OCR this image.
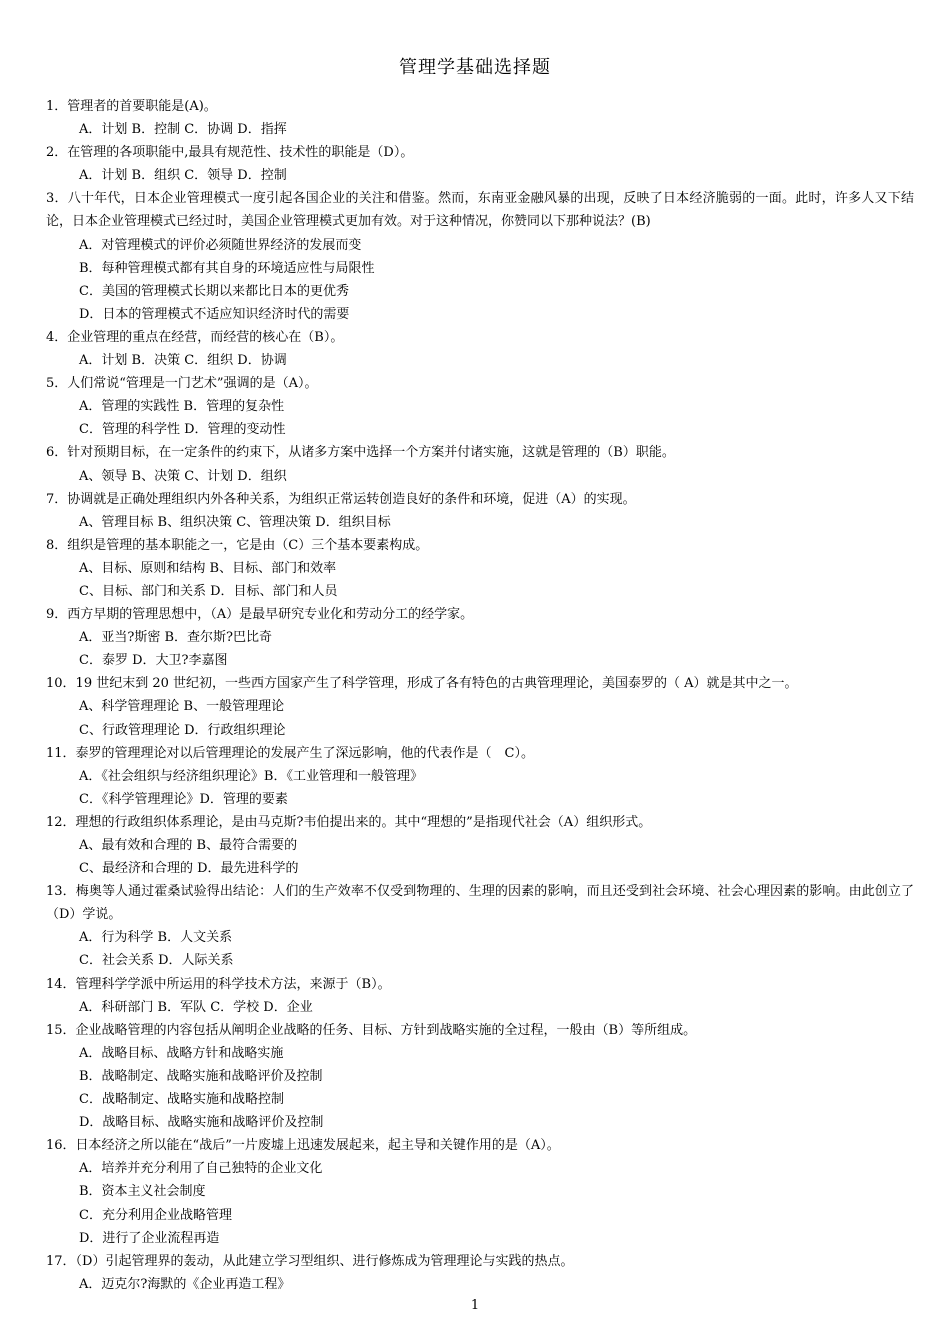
管理学基础选择题
1．管理者的首要职能是(A)。
A．计划 B．控制 C．协调 D．指挥
2．在管理的各项职能中,最具有规范性、技术性的职能是（D）。
A．计划 B．组织 C．领导 D．控制
3．八十年代，日本企业管理模式一度引起各国企业的关注和借鉴。然而，东南亚金融风暴的出现，反映了日本经济脆弱的一面。此时，许多人又下结论，日本企业管理模式已经过时，美国企业管理模式更加有效。对于这种情况，你赞同以下那种说法？(B)
A．对管理模式的评价必须随世界经济的发展而变
B．每种管理模式都有其自身的环境适应性与局限性
C．美国的管理模式长期以来都比日本的更优秀
D．日本的管理模式不适应知识经济时代的需要
4．企业管理的重点在经营，而经营的核心在（B）。
A．计划 B．决策 C．组织 D．协调
5．人们常说“管理是一门艺术”强调的是（A）。
A．管理的实践性 B．管理的复杂性
C．管理的科学性 D．管理的变动性
6．针对预期目标，在一定条件的约束下，从诸多方案中选择一个方案并付诸实施，这就是管理的（B）职能。
A、领导 B、决策 C、计划 D．组织
7．协调就是正确处理组织内外各种关系，为组织正常运转创造良好的条件和环境，促进（A）的实现。
A、管理目标 B、组织决策 C、管理决策 D．组织目标
8．组织是管理的基本职能之一，它是由（C）三个基本要素构成。
A、目标、原则和结构 B、目标、部门和效率
C、目标、部门和关系 D．目标、部门和人员
9．西方早期的管理思想中，（A）是最早研究专业化和劳动分工的经学家。
A．亚当?斯密 B．查尔斯?巴比奇
C．泰罗 D．大卫?李嘉图
10．19 世纪末到 20 世纪初，一些西方国家产生了科学管理，形成了各有特色的古典管理理论，美国泰罗的（ A）就是其中之一。
A、科学管理理论 B、一般管理理论
C、行政管理理论 D．行政组织理论
11．泰罗的管理理论对以后管理理论的发展产生了深远影响，他的代表作是（　C）。
A．《社会组织与经济组织理论》B．《工业管理和一般管理》
C．《科学管理理论》D．管理的要素
12．理想的行政组织体系理论，是由马克斯?韦伯提出来的。其中“理想的”是指现代社会（A）组织形式。
A、最有效和合理的 B、最符合需要的
C、最经济和合理的 D．最先进科学的
13．梅奥等人通过霍桑试验得出结论：人们的生产效率不仅受到物理的、生理的因素的影响，而且还受到社会环境、社会心理因素的影响。由此创立了（D）学说。
A．行为科学 B．人文关系
C．社会关系 D．人际关系
14．管理科学学派中所运用的科学技术方法，来源于（B）。
A．科研部门 B．军队 C．学校 D．企业
15．企业战略管理的内容包括从阐明企业战略的任务、目标、方针到战略实施的全过程，一般由（B）等所组成。
A．战略目标、战略方针和战略实施
B．战略制定、战略实施和战略评价及控制
C．战略制定、战略实施和战略控制
D．战略目标、战略实施和战略评价及控制
16．日本经济之所以能在“战后”一片废墟上迅速发展起来，起主导和关键作用的是（A）。
A．培养并充分利用了自己独特的企业文化
B．资本主义社会制度
C．充分利用企业战略管理
D．进行了企业流程再造
17．（D）引起管理界的轰动，从此建立学习型组织、进行修炼成为管理理论与实践的热点。
A．迈克尔?海默的《企业再造工程》
1
